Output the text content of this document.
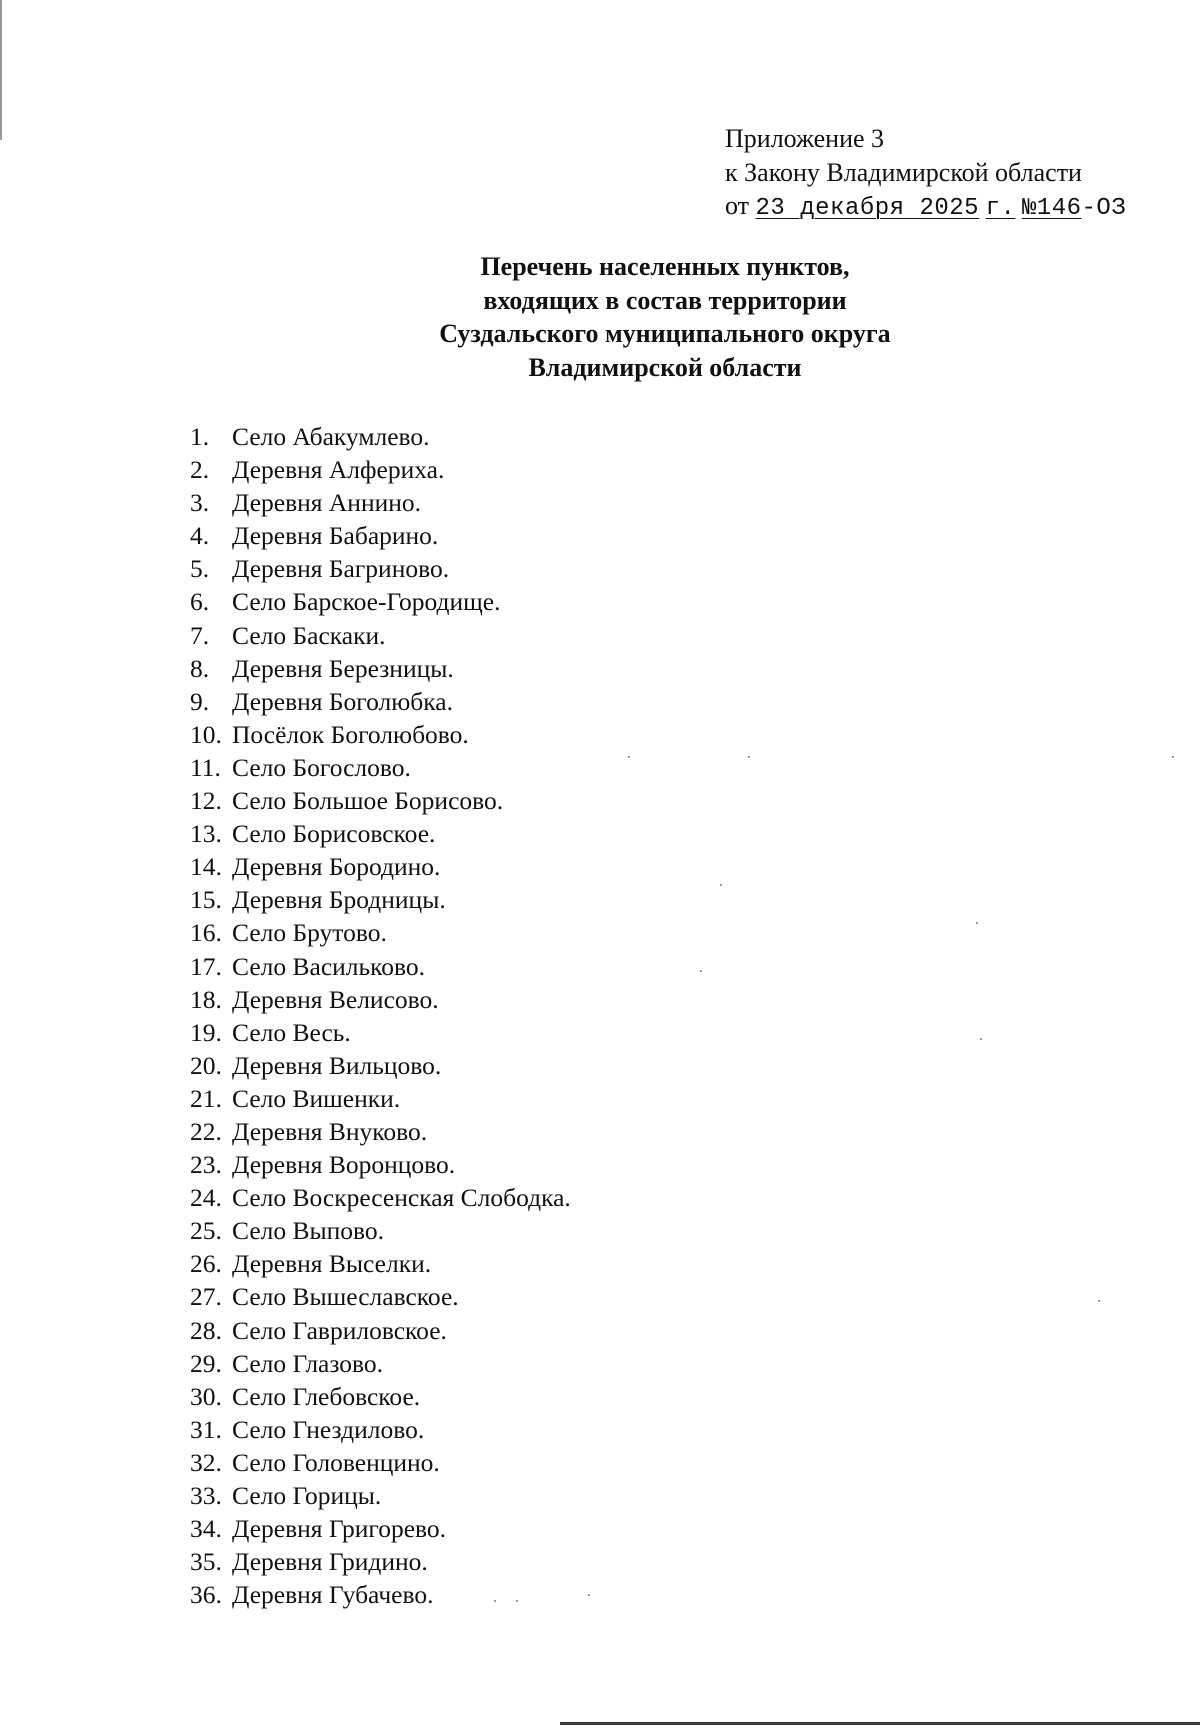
Приложение 3
к Закону Владимирской области
от 23 декабря 2025 г. №146-ОЗ
Перечень населенных пунктов,
входящих в состав территории
Суздальского муниципального округа
Владимирской области
1. Село Абакумлево.
2. Деревня Алфериха.
3. Деревня Аннино.
4. Деревня Бабарино.
5. Деревня Багриново.
6. Село Барское-Городище.
7. Село Баскаки.
8. Деревня Березницы.
9. Деревня Боголюбка.
10. Посёлок Боголюбово.
11. Село Богослово.
12. Село Большое Борисово.
13. Село Борисовское.
14. Деревня Бородино.
15. Деревня Бродницы.
16. Село Брутово.
17. Село Васильково.
18. Деревня Велисово.
19. Село Весь.
20. Деревня Вильцово.
21. Село Вишенки.
22. Деревня Внуково.
23. Деревня Воронцово.
24. Село Воскресенская Слободка.
25. Село Выпово.
26. Деревня Выселки.
27. Село Вышеславское.
28. Село Гавриловское.
29. Село Глазово.
30. Село Глебовское.
31. Село Гнездилово.
32. Село Головенцино.
33. Село Горицы.
34. Деревня Григорево.
35. Деревня Гридино.
36. Деревня Губачево.
